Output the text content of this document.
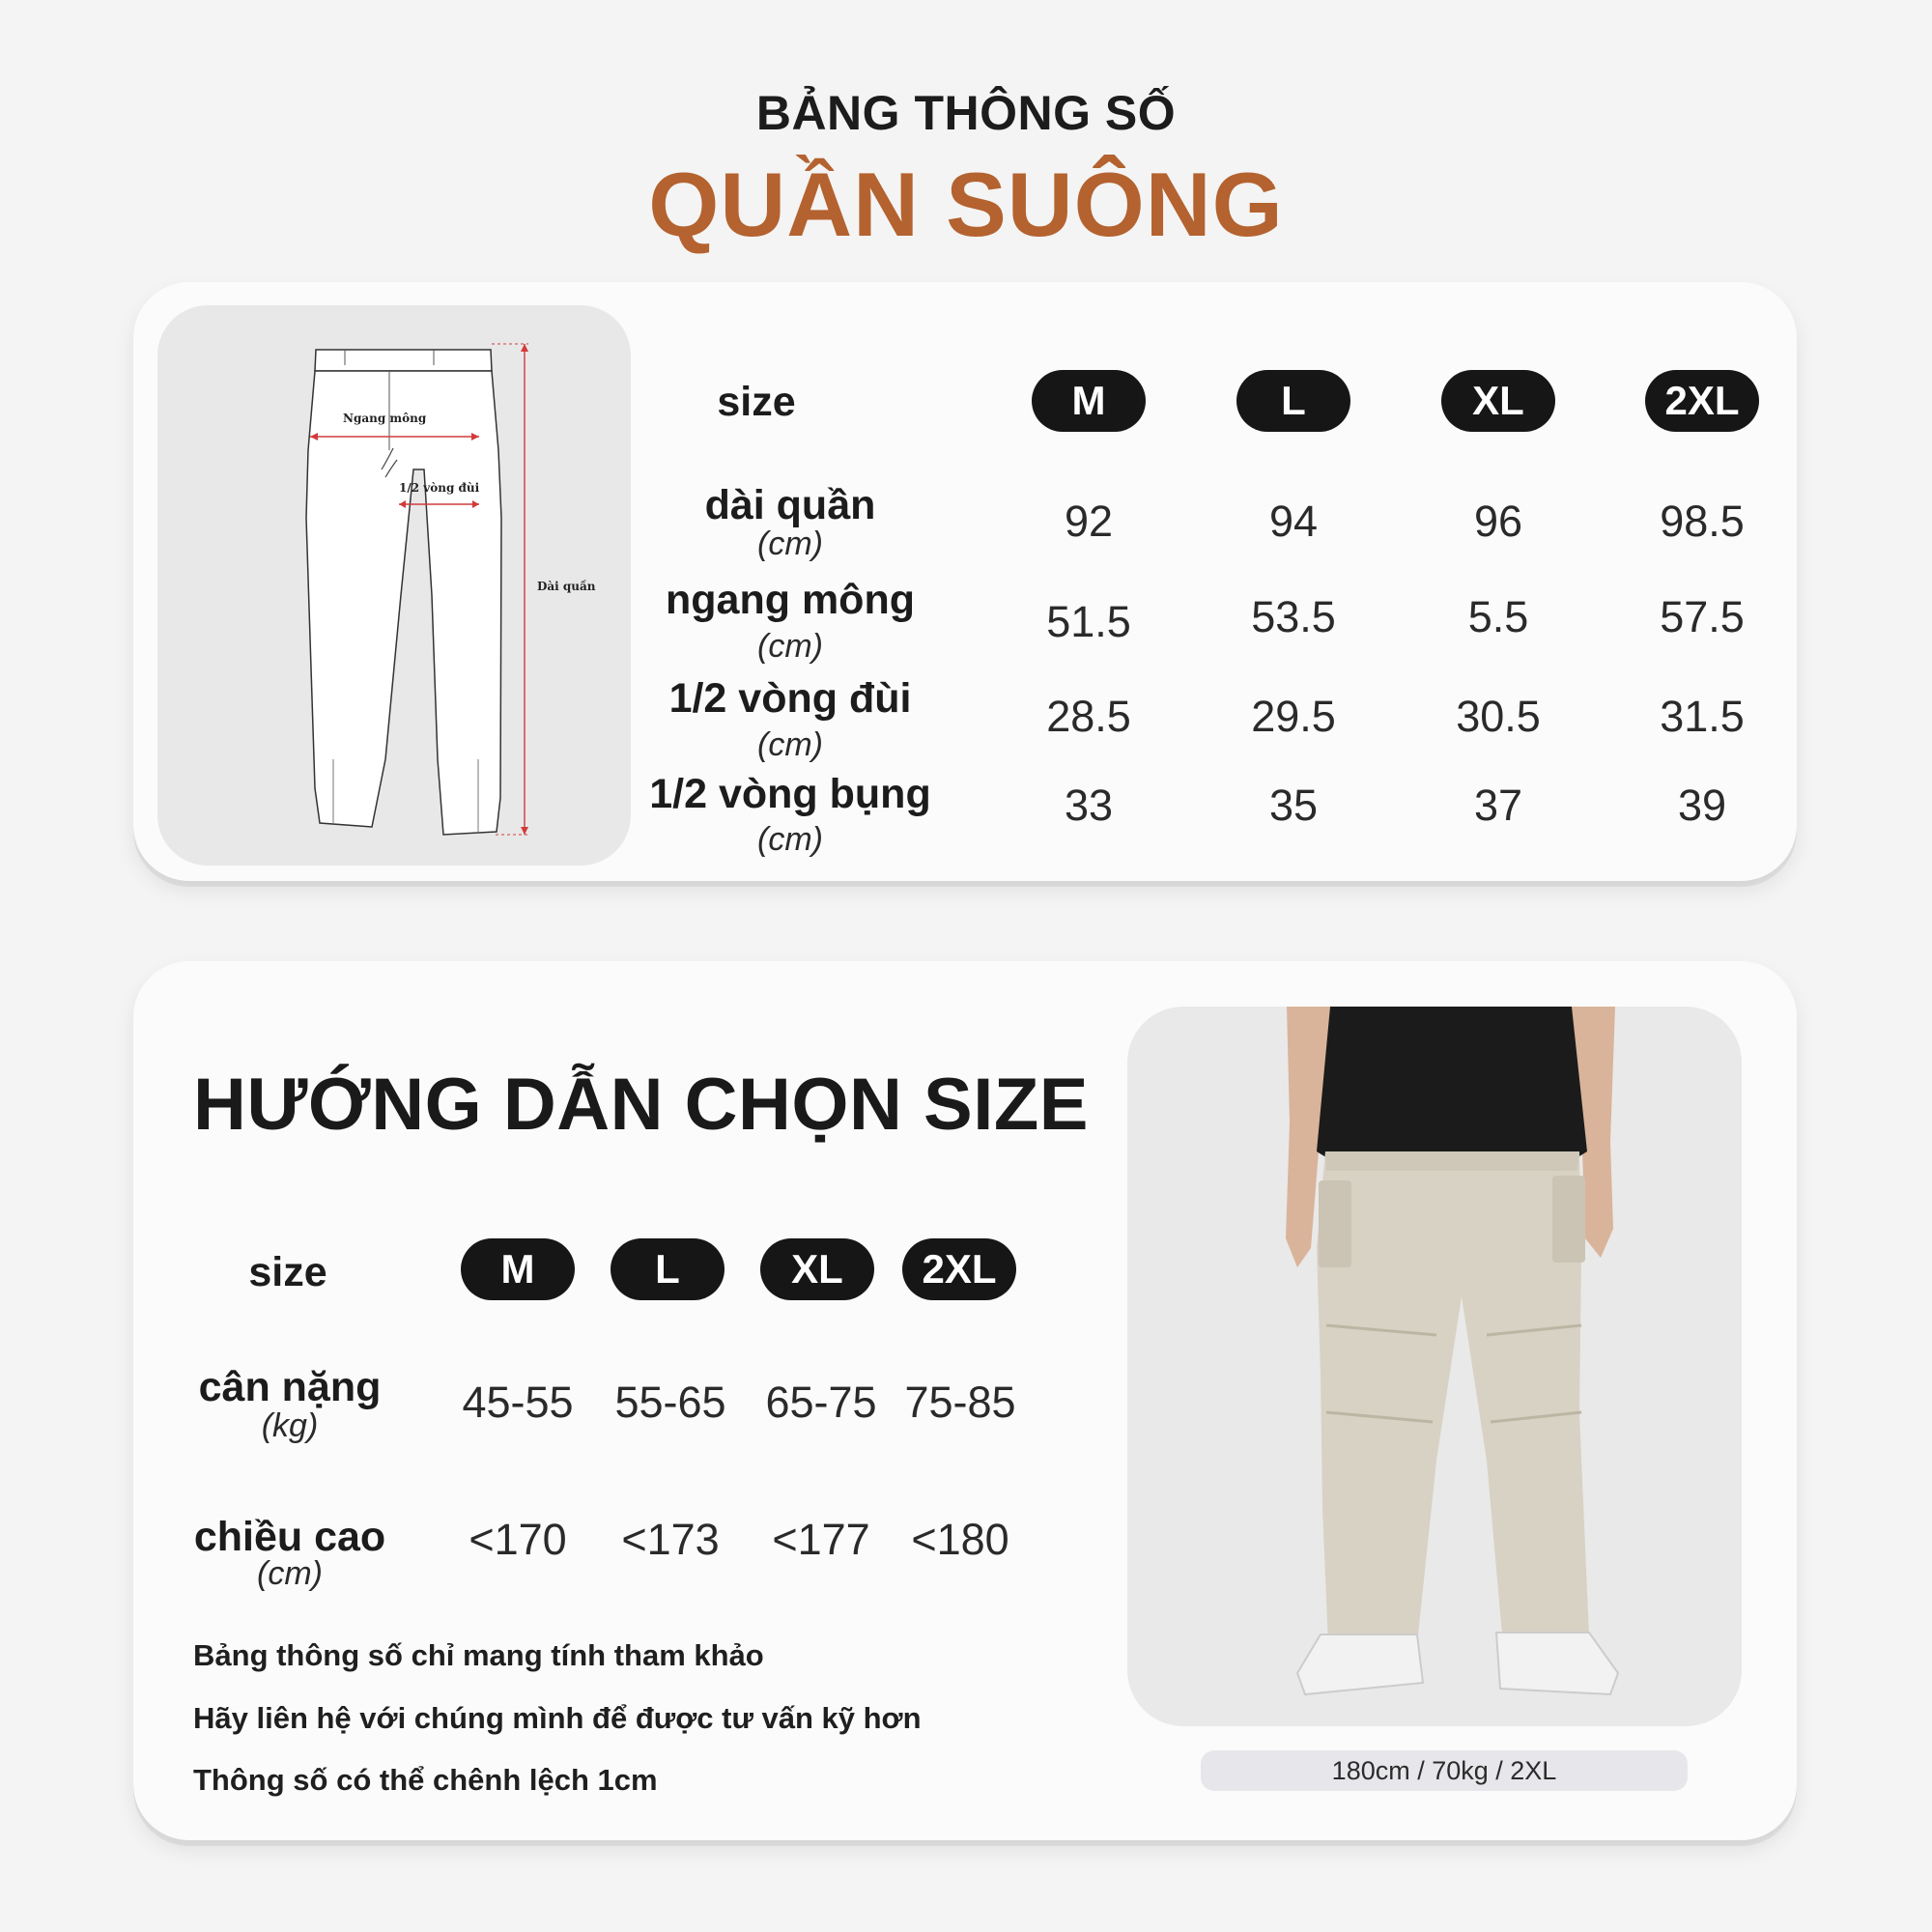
BẢNG THÔNG SỐ
QUẦN SUÔNG
Ngang mông
1/2 vòng đùi
Dài quần
size	M	L	XL	2XL
dài quần
(cm)	92	94	96	98.5
ngang mông
(cm)	51.5	53.5	5.5	57.5
1/2 vòng đùi
(cm)
28.5	29.5	30.5	31.5
1/2 vòng bụng
(cm)
33	35	37	39
HƯỚNG DẪN CHỌN SIZE
size	M	L	XL	2XL
cân nặng
(kg)	45-55 55-65 65-75 75-85
chiều cao
(cm)
<170	<173	<177 <180
Bảng thông số chỉ mang tính tham khảo
Hãy liên hệ với chúng mình để được tư vấn kỹ hơn
Thông số có thể chênh lệch 1cm	180cm / 70kg / 2XL
